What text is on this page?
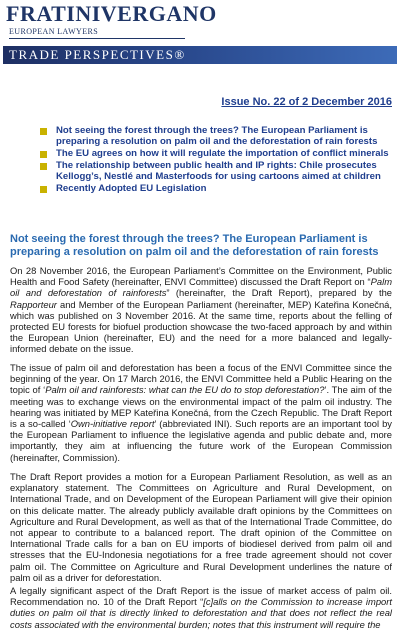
FRATINIVERGANO
EUROPEAN LAWYERS
TRADE PERSPECTIVES®
Issue No. 22 of 2 December 2016
Not seeing the forest through the trees? The European Parliament is preparing a resolution on palm oil and the deforestation of rain forests
The EU agrees on how it will regulate the importation of conflict minerals
The relationship between public health and IP rights: Chile prosecutes Kellogg’s, Nestlé and Masterfoods for using cartoons aimed at children
Recently Adopted EU Legislation
Not seeing the forest through the trees? The European Parliament is preparing a resolution on palm oil and the deforestation of rain forests
On 28 November 2016, the European Parliament’s Committee on the Environment, Public Health and Food Safety (hereinafter, ENVI Committee) discussed the Draft Report on “Palm oil and deforestation of rainforests” (hereinafter, the Draft Report), prepared by the Rapporteur and Member of the European Parliament (hereinafter, MEP) Kateřina Konečná, which was published on 3 November 2016. At the same time, reports about the felling of protected EU forests for biofuel production showcase the two-faced approach by and within the European Union (hereinafter, EU) and the need for a more balanced and legally-informed debate on the issue.
The issue of palm oil and deforestation has been a focus of the ENVI Committee since the beginning of the year. On 17 March 2016, the ENVI Committee held a Public Hearing on the topic of ‘Palm oil and rainforests: what can the EU do to stop deforestation?’. The aim of the meeting was to exchange views on the environmental impact of the palm oil industry. The hearing was initiated by MEP Kateřina Konečná, from the Czech Republic. The Draft Report is a so-called ‘Own-initiative report’ (abbreviated INI). Such reports are an important tool by the European Parliament to influence the legislative agenda and public debate and, more importantly, they aim at influencing the future work of the European Commission (hereinafter, Commission).
The Draft Report provides a motion for a European Parliament Resolution, as well as an explanatory statement. The Committees on Agriculture and Rural Development, on International Trade, and on Development of the European Parliament will give their opinion on this delicate matter. The already publicly available draft opinions by the Committees on Agriculture and Rural Development, as well as that of the International Trade Committee, do not appear to contribute to a balanced report. The draft opinion of the Committee on International Trade calls for a ban on EU imports of biodiesel derived from palm oil and stresses that the EU-Indonesia negotiations for a free trade agreement should not cover palm oil. The Committee on Agriculture and Rural Development underlines the nature of palm oil as a driver for deforestation.
A legally significant aspect of the Draft Report is the issue of market access of palm oil. Recommendation no. 10 of the Draft Report “[c]alls on the Commission to increase import duties on palm oil that is directly linked to deforestation and that does not reflect the real costs associated with the environmental burden; notes that this instrument will require the
